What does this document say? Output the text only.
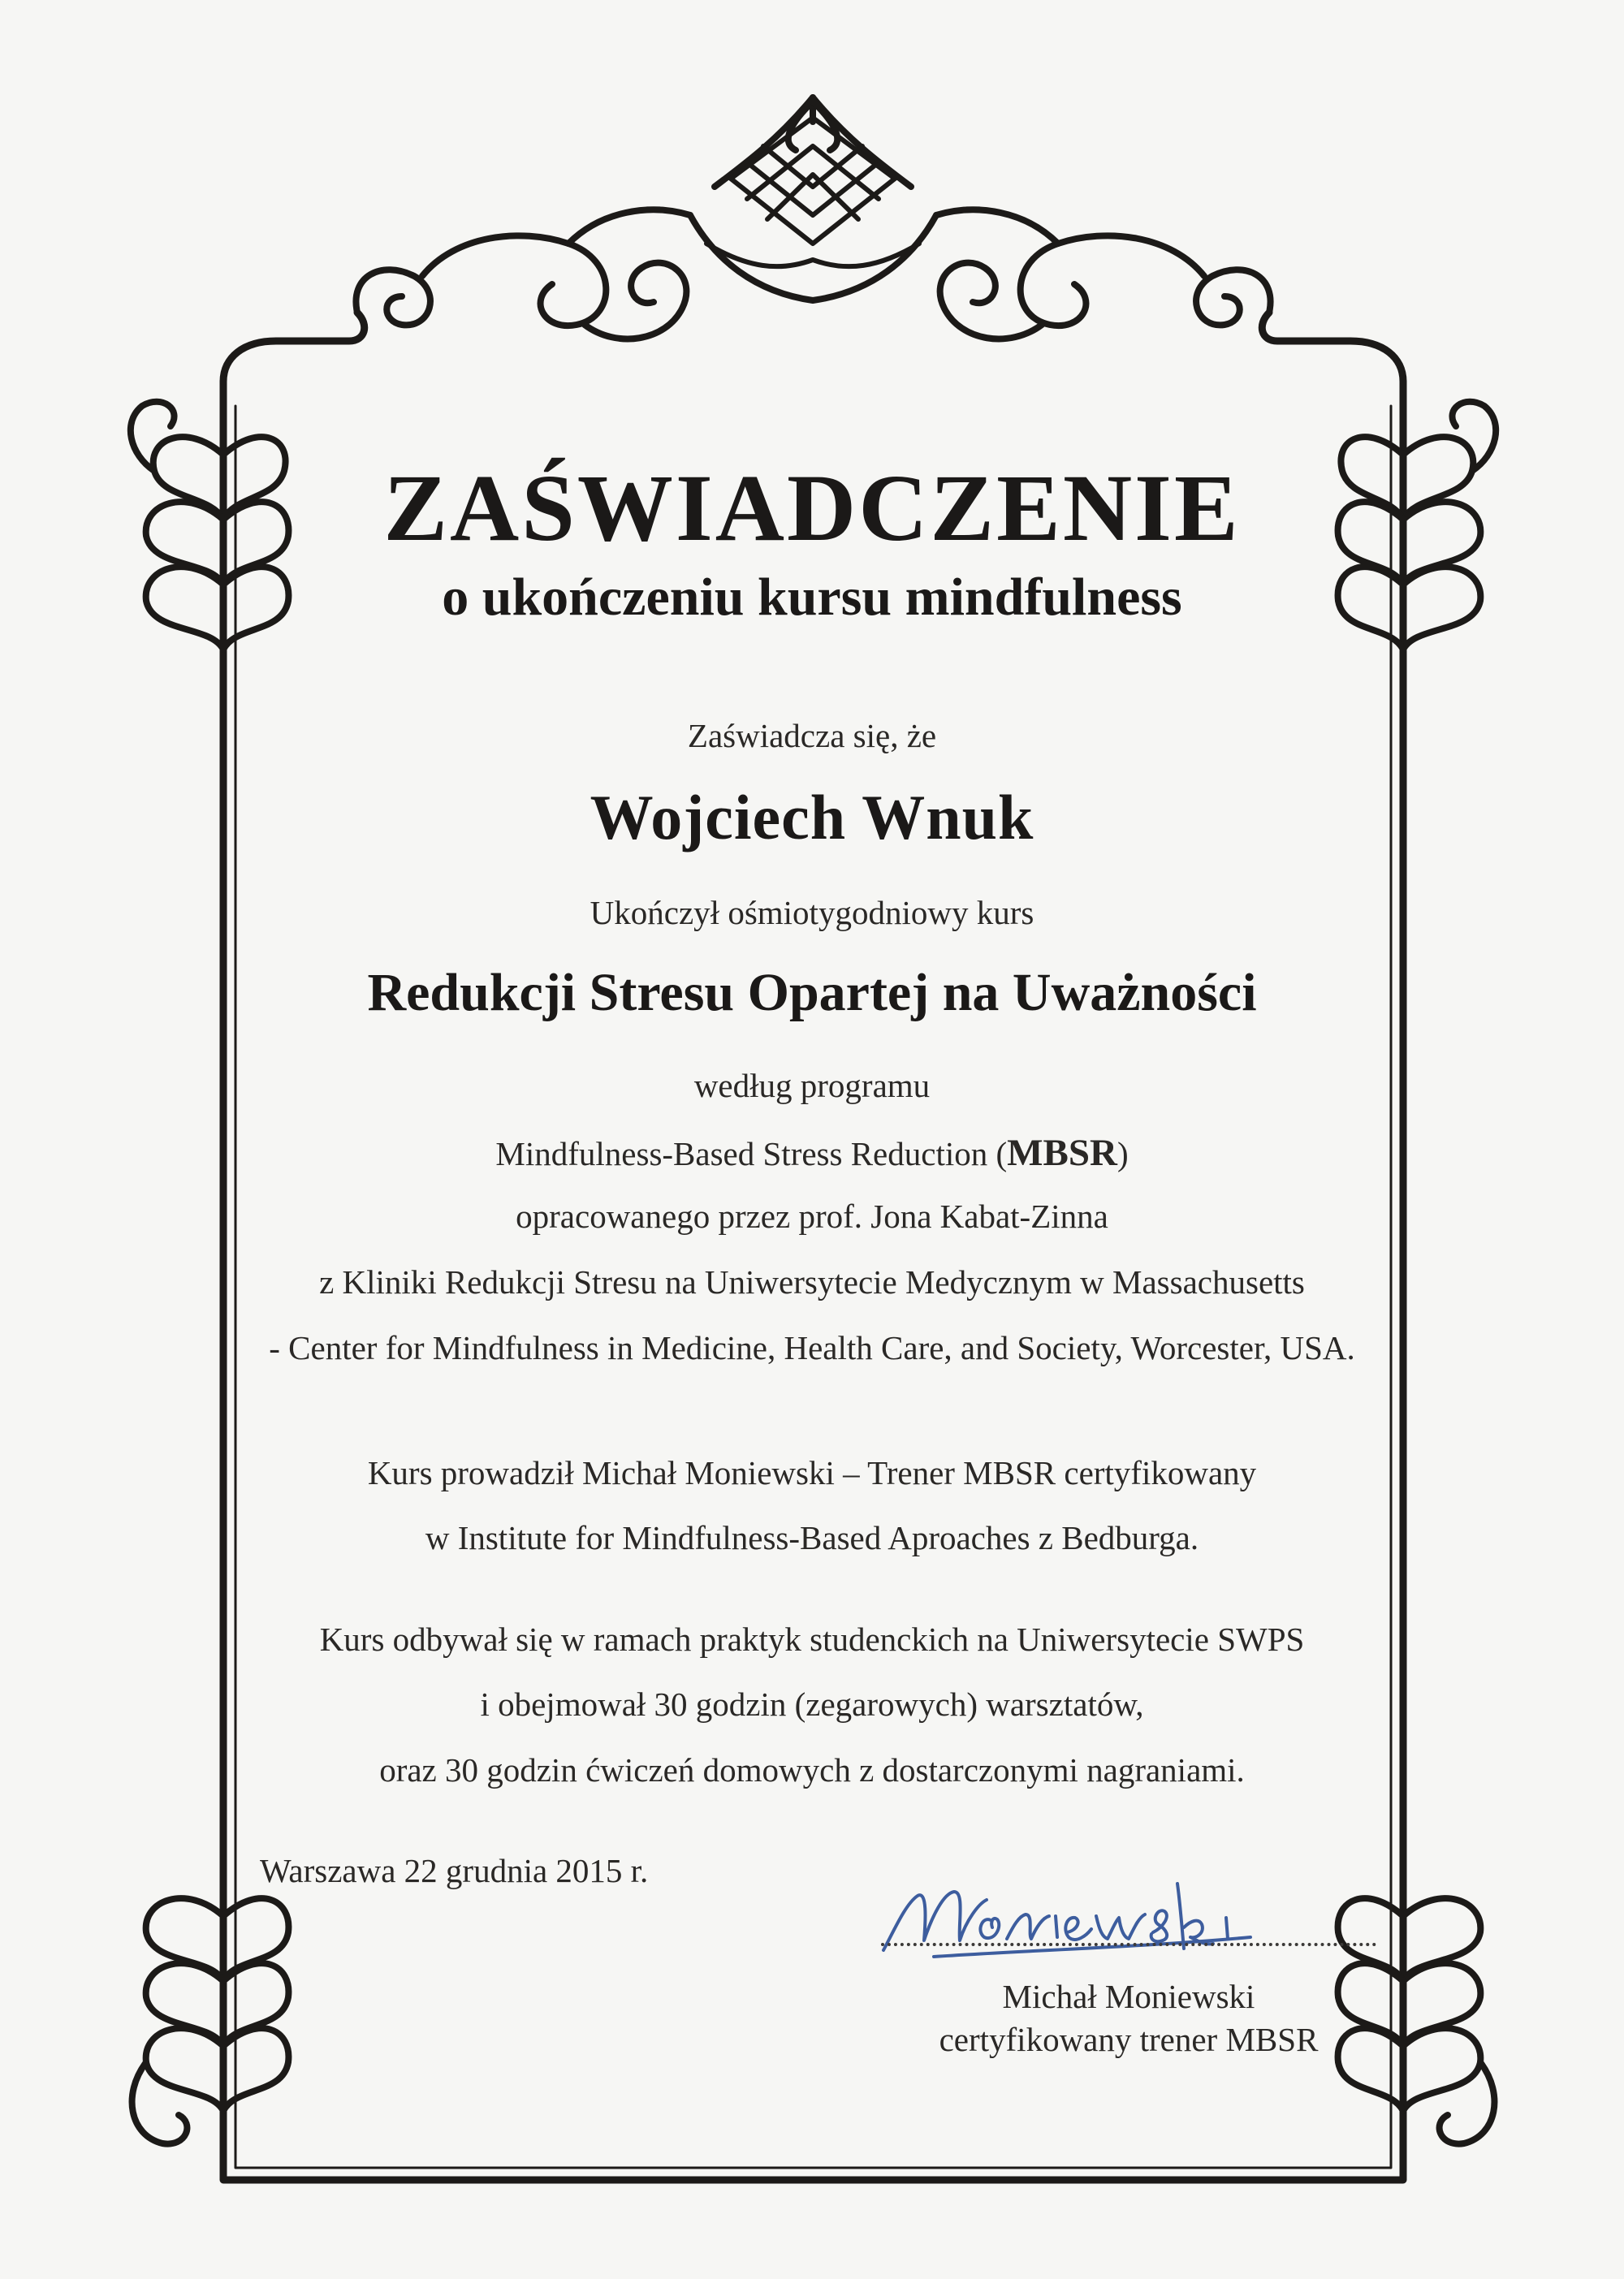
ZAŚWIADCZENIE
o ukończeniu kursu mindfulness
Zaświadcza się, że
Wojciech Wnuk
Ukończył ośmiotygodniowy kurs
Redukcji Stresu Opartej na Uważności
według programu
Mindfulness-Based Stress Reduction (MBSR)
opracowanego przez prof. Jona Kabat-Zinna
z Kliniki Redukcji Stresu na Uniwersytecie Medycznym w Massachusetts
- Center for Mindfulness in Medicine, Health Care, and Society, Worcester, USA.
Kurs prowadził Michał Moniewski – Trener MBSR certyfikowany
w Institute for Mindfulness-Based Aproaches z Bedburga.
Kurs odbywał się w ramach praktyk studenckich na Uniwersytecie SWPS
i obejmował 30 godzin (zegarowych) warsztatów,
oraz 30 godzin ćwiczeń domowych z dostarczonymi nagraniami.
Warszawa 22 grudnia 2015 r.
Michał Moniewski
certyfikowany trener MBSR
